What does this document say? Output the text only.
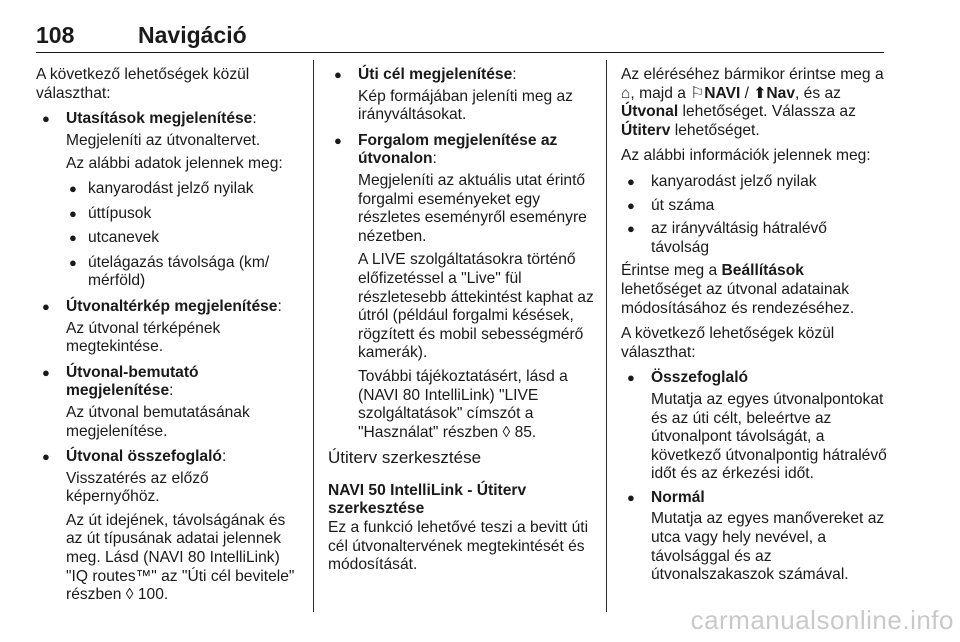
108	Navigáció

A következő lehetőségek közül választhat:

● Utasítások megjelenítése:

Megjeleníti az útvonaltervet.

Az alábbi adatok jelennek meg:

● kanyarodást jelző nyilak
● úttípusok
● utcanevek
● útelágazás távolsága (km/ mérföld)
● Útvonaltérkép megjelenítése:

Az útvonal térképének megtekintése.

● Útvonal-bemutató megjelenítése:

Az útvonal bemutatásának megjelenítése.

● Útvonal összefoglaló:

Visszatérés az előző képernyőhöz.

Az út idejének, távolságának és az út típusának adatai jelennek meg. Lásd (NAVI 80 IntelliLink) "IQ routes™" az "Úti cél bevitele" részben ◊ 100.

● Úti cél megjelenítése:

Kép formájában jeleníti meg az irányváltásokat.

● Forgalom megjelenítése az útvonalon:

Megjeleníti az aktuális utat érintő forgalmi eseményeket egy részletes eseményről eseményre nézetben.

A LIVE szolgáltatásokra történő előfizetéssel a "Live" fül részletesebb áttekintést kaphat az útról (például forgalmi késések, rögzített és mobil sebességmérő kamerák).

További tájékoztatásért, lásd a (NAVI 80 IntelliLink) "LIVE szolgáltatások" címszót a "Használat" részben ◊ 85.

Útiterv szerkesztése
NAVI 50 IntelliLink - Útiterv szerkesztése

Ez a funkció lehetővé teszi a bevitt úti cél útvonaltervének megtekintését és módosítását.

Az eléréséhez bármikor érintse meg a ⌂, majd a ⚐NAVI / ⬆Nav, és az Útvonal lehetőséget. Válassza az Útiterv lehetőséget.

Az alábbi információk jelennek meg:

● kanyarodást jelző nyilak
● út száma
● az irányváltásig hátralévő távolság

Érintse meg a Beállítások lehetőséget az útvonal adatainak módosításához és rendezéséhez.

A következő lehetőségek közül választhat:

● Összefoglaló

Mutatja az egyes útvonalpontokat és az úti célt, beleértve az útvonalpont távolságát, a következő útvonalpontig hátralévő időt és az érkezési időt.

● Normál

Mutatja az egyes manővereket az utca vagy hely nevével, a távolsággal és az útvonalszakaszok számával.

carmanualsonline.info
